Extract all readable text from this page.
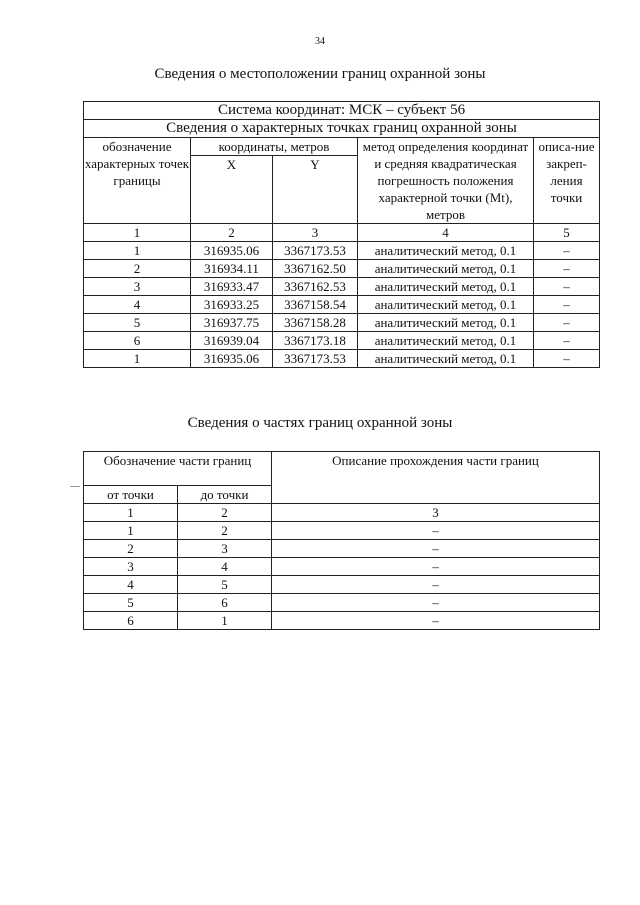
34
Сведения о местоположении границ охранной зоны
Система координат: МСК – субъект 56				
Сведения о характерных точках границ охранной зоны				
обозначение характерных точек границы	координаты, метров		метод определения координат и средняя квадратическая погрешность положения характерной точки (Mt), метров	описа-ние закреп-ления точки
	X	Y		
1	2	3	4	5
1	316935.06	3367173.53	аналитический метод, 0.1	–
2	316934.11	3367162.50	аналитический метод, 0.1	–
3	316933.47	3367162.53	аналитический метод, 0.1	–
4	316933.25	3367158.54	аналитический метод, 0.1	–
5	316937.75	3367158.28	аналитический метод, 0.1	–
6	316939.04	3367173.18	аналитический метод, 0.1	–
1	316935.06	3367173.53	аналитический метод, 0.1	–
Сведения о частях границ охранной зоны
Обозначение части границ		Описание прохождения части границ
от точки	до точки	
1	2	3
1	2	–
2	3	–
3	4	–
4	5	–
5	6	–
6	1	–
